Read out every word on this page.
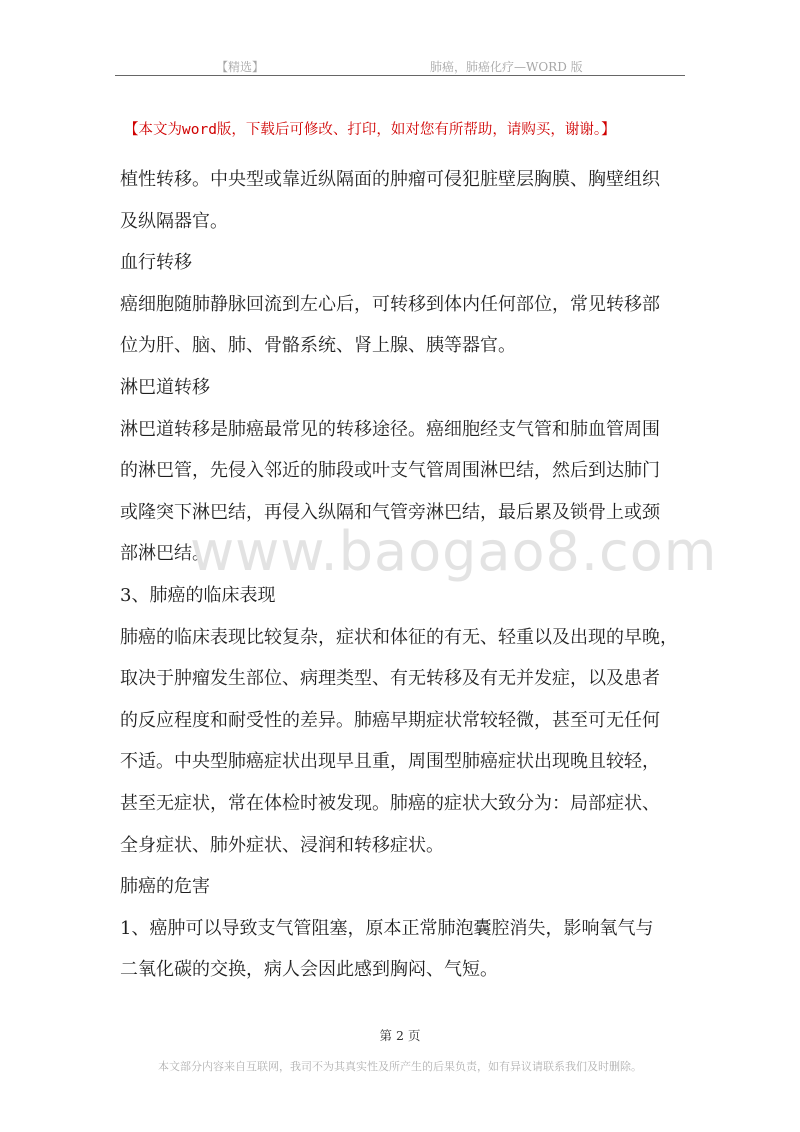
【精选】	肺癌，肺癌化疗—WORD 版
【本文为word版，下载后可修改、打印，如对您有所帮助，请购买，谢谢。】
植性转移。中央型或靠近纵隔面的肿瘤可侵犯脏壁层胸膜、胸壁组织
及纵隔器官。
血行转移
癌细胞随肺静脉回流到左心后，可转移到体内任何部位，常见转移部
位为肝、脑、肺、骨骼系统、肾上腺、胰等器官。
淋巴道转移
淋巴道转移是肺癌最常见的转移途径。癌细胞经支气管和肺血管周围
的淋巴管，先侵入邻近的肺段或叶支气管周围淋巴结，然后到达肺门
或隆突下淋巴结，再侵入纵隔和气管旁淋巴结，最后累及锁骨上或颈
部淋巴结。
3、肺癌的临床表现
肺癌的临床表现比较复杂，症状和体征的有无、轻重以及出现的早晚，
取决于肿瘤发生部位、病理类型、有无转移及有无并发症，以及患者
的反应程度和耐受性的差异。肺癌早期症状常较轻微，甚至可无任何
不适。中央型肺癌症状出现早且重，周围型肺癌症状出现晚且较轻，
甚至无症状，常在体检时被发现。肺癌的症状大致分为：局部症状、
全身症状、肺外症状、浸润和转移症状。
肺癌的危害
1、癌肿可以导致支气管阻塞，原本正常肺泡囊腔消失，影响氧气与
二氧化碳的交换，病人会因此感到胸闷、气短。
www.baogao8.com
第 2 页
本文部分内容来自互联网，我司不为其真实性及所产生的后果负责，如有异议请联系我们及时删除。
